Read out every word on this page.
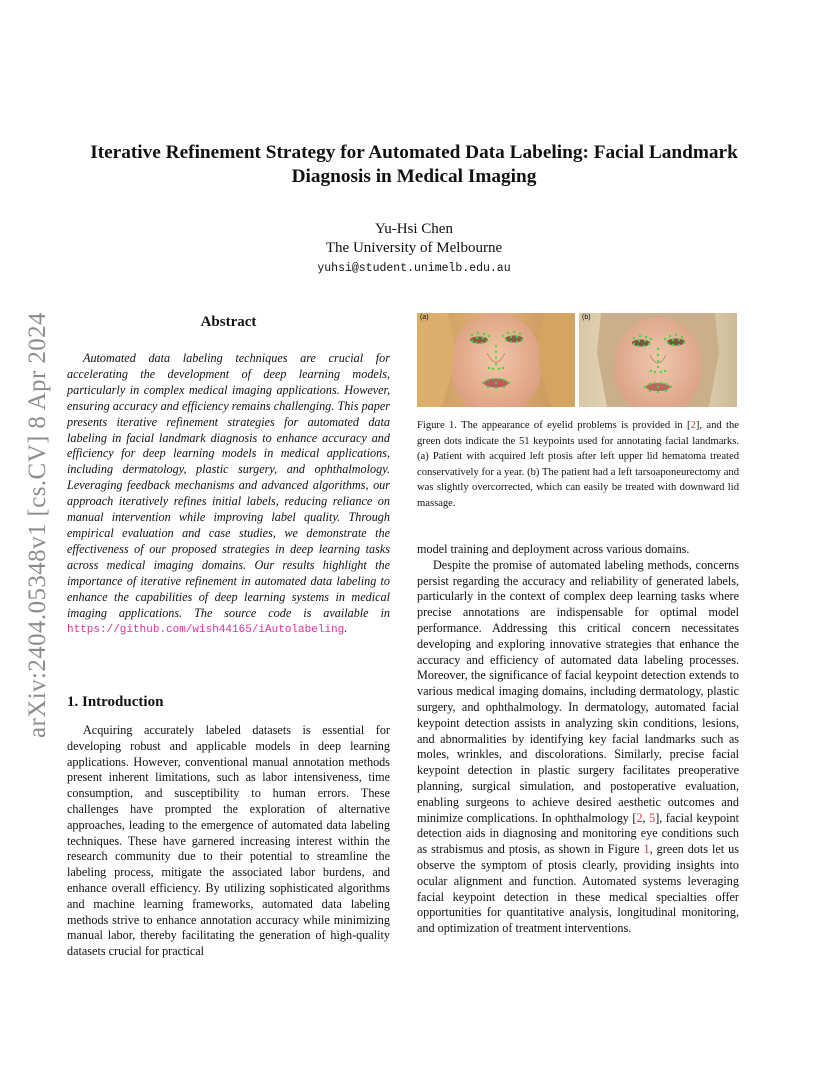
arXiv:2404.05348v1 [cs.CV] 8 Apr 2024
Iterative Refinement Strategy for Automated Data Labeling: Facial Landmark Diagnosis in Medical Imaging
Yu-Hsi Chen
The University of Melbourne
yuhsi@student.unimelb.edu.au
Abstract

Automated data labeling techniques are crucial for accelerating the development of deep learning models, particularly in complex medical imaging applications. However, ensuring accuracy and efficiency remains challenging. This paper presents iterative refinement strategies for automated data labeling in facial landmark diagnosis to enhance accuracy and efficiency for deep learning models in medical applications, including dermatology, plastic surgery, and ophthalmology. Leveraging feedback mechanisms and advanced algorithms, our approach iteratively refines initial labels, reducing reliance on manual intervention while improving label quality. Through empirical evaluation and case studies, we demonstrate the effectiveness of our proposed strategies in deep learning tasks across medical imaging domains. Our results highlight the importance of iterative refinement in automated data labeling to enhance the capabilities of deep learning systems in medical imaging applications. The source code is available in https://github.com/wish44165/iAutolabeling.

1. Introduction

Acquiring accurately labeled datasets is essential for developing robust and applicable models in deep learning applications. However, conventional manual annotation methods present inherent limitations, such as labor intensiveness, time consumption, and susceptibility to human errors. These challenges have prompted the exploration of alternative approaches, leading to the emergence of automated data labeling techniques. These have garnered increasing interest within the research community due to their potential to streamline the labeling process, mitigate the associated labor burdens, and enhance overall efficiency. By utilizing sophisticated algorithms and machine learning frameworks, automated data labeling methods strive to enhance annotation accuracy while minimizing manual labor, thereby facilitating the generation of high-quality datasets crucial for practical

(a)	(b)

Figure 1. The appearance of eyelid problems is provided in [2], and the green dots indicate the 51 keypoints used for annotating facial landmarks. (a) Patient with acquired left ptosis after left upper lid hematoma treated conservatively for a year. (b) The patient had a left tarsoaponeurectomy and was slightly overcorrected, which can easily be treated with downward lid massage.

model training and deployment across various domains.

Despite the promise of automated labeling methods, concerns persist regarding the accuracy and reliability of generated labels, particularly in the context of complex deep learning tasks where precise annotations are indispensable for optimal model performance. Addressing this critical concern necessitates developing and exploring innovative strategies that enhance the accuracy and efficiency of automated data labeling processes. Moreover, the significance of facial keypoint detection extends to various medical imaging domains, including dermatology, plastic surgery, and ophthalmology. In dermatology, automated facial keypoint detection assists in analyzing skin conditions, lesions, and abnormalities by identifying key facial landmarks such as moles, wrinkles, and discolorations. Similarly, precise facial keypoint detection in plastic surgery facilitates preoperative planning, surgical simulation, and postoperative evaluation, enabling surgeons to achieve desired aesthetic outcomes and minimize complications. In ophthalmology [2, 5], facial keypoint detection aids in diagnosing and monitoring eye conditions such as strabismus and ptosis, as shown in Figure 1, green dots let us observe the symptom of ptosis clearly, providing insights into ocular alignment and function. Automated systems leveraging facial keypoint detection in these medical specialties offer opportunities for quantitative analysis, longitudinal monitoring, and optimization of treatment interventions.
